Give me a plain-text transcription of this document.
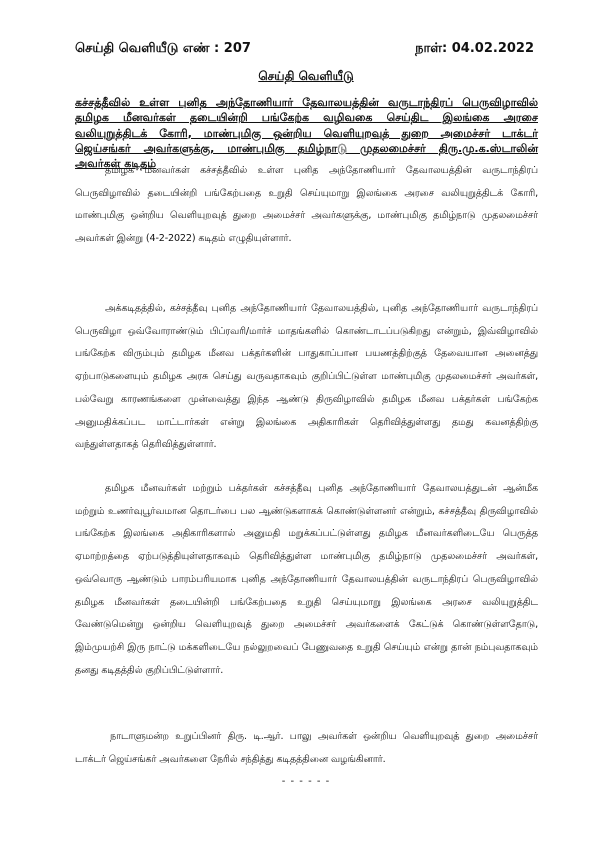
செய்தி வெளியீடு எண் : 207	நாள்: 04.02.2022
செய்தி வெளியீடு

கச்சத்தீவில் உள்ள புனித அந்தோணியார் தேவாலயத்தின் வருடாந்திரப் பெருவிழாவில் தமிழக மீனவர்கள் தடையின்றி பங்கேற்க வழிவகை செய்திட இலங்கை அரசை வலியுறுத்திடக் கோரி, மாண்புமிகு ஒன்றிய வெளியுறவுத் துறை அமைச்சர் டாக்டர் ஜெய்சங்கர் அவர்களுக்கு, மாண்புமிகு தமிழ்நாடு முதலமைச்சர் திரு.மு.க.ஸ்டாலின் அவர்கள் கடிதம்

தமிழக மீனவர்கள் கச்சத்தீவில் உள்ள புனித அந்தோணியார் தேவாலயத்தின் வருடாந்திரப் பெருவிழாவில் தடையின்றி பங்கேற்பதை உறுதி செய்யுமாறு இலங்கை அரசை வலியுறுத்திடக் கோரி, மாண்புமிகு ஒன்றிய வெளியுறவுத் துறை அமைச்சர் அவர்களுக்கு, மாண்புமிகு தமிழ்நாடு முதலமைச்சர் அவர்கள் இன்று (4-2-2022) கடிதம் எழுதியுள்ளார்.

அக்கடிதத்தில், கச்சத்தீவு புனித அந்தோணியார் தேவாலயத்தில், புனித அந்தோணியார் வருடாந்திரப் பெருவிழா ஒவ்வோராண்டும் பிப்ரவரி/மார்ச் மாதங்களில் கொண்டாடப்படுகிறது என்றும், இவ்விழாவில் பங்கேற்க விரும்பும் தமிழக மீனவ பக்தர்களின் பாதுகாப்பான பயணத்திற்குத் தேவையான அனைத்து ஏற்பாடுகளையும் தமிழக அரசு செய்து வருவதாகவும் குறிப்பிட்டுள்ள மாண்புமிகு முதலமைச்சர் அவர்கள், பல்வேறு காரணங்களை முன்வைத்து இந்த ஆண்டு திருவிழாவில் தமிழக மீனவ பக்தர்கள் பங்கேற்க அனுமதிக்கப்பட மாட்டார்கள் என்று இலங்கை அதிகாரிகள் தெரிவித்துள்ளது தமது கவனத்திற்கு வந்துள்ளதாகத் தெரிவித்துள்ளார்.

தமிழக மீனவர்கள் மற்றும் பக்தர்கள் கச்சத்தீவு புனித அந்தோணியார் தேவாலயத்துடன் ஆன்மீக மற்றும் உணர்வுபூர்வமான தொடர்பை பல ஆண்டுகளாகக் கொண்டுள்ளனர் என்றும், கச்சத்தீவு திருவிழாவில் பங்கேற்க இலங்கை அதிகாரிகளால் அனுமதி மறுக்கப்பட்டுள்ளது தமிழக மீனவர்களிடையே பெருத்த ஏமாற்றத்தை ஏற்படுத்தியுள்ளதாகவும் தெரிவித்துள்ள மாண்புமிகு தமிழ்நாடு முதலமைச்சர் அவர்கள், ஒவ்வொரு ஆண்டும் பாரம்பரியமாக புனித அந்தோணியார் தேவாலயத்தின் வருடாந்திரப் பெருவிழாவில் தமிழக மீனவர்கள் தடையின்றி பங்கேற்பதை உறுதி செய்யுமாறு இலங்கை அரசை வலியுறுத்திட வேண்டுமென்று ஒன்றிய வெளியுறவுத் துறை அமைச்சர் அவர்களைக் கேட்டுக் கொண்டுள்ளதோடு, இம்முயற்சி இரு நாட்டு மக்களிடையே நல்லுறவைப் பேணுவதை உறுதி செய்யும் என்று தான் நம்புவதாகவும் தனது கடிதத்தில் குறிப்பிட்டுள்ளார்.

நாடாளுமன்ற உறுப்பினர் திரு. டி.ஆர். பாலு அவர்கள் ஒன்றிய வெளியுறவுத் துறை அமைச்சர் டாக்டர் ஜெய்சங்கர் அவர்களை நேரில் சந்தித்து கடிதத்தினை வழங்கினார்.

- - - - - -
